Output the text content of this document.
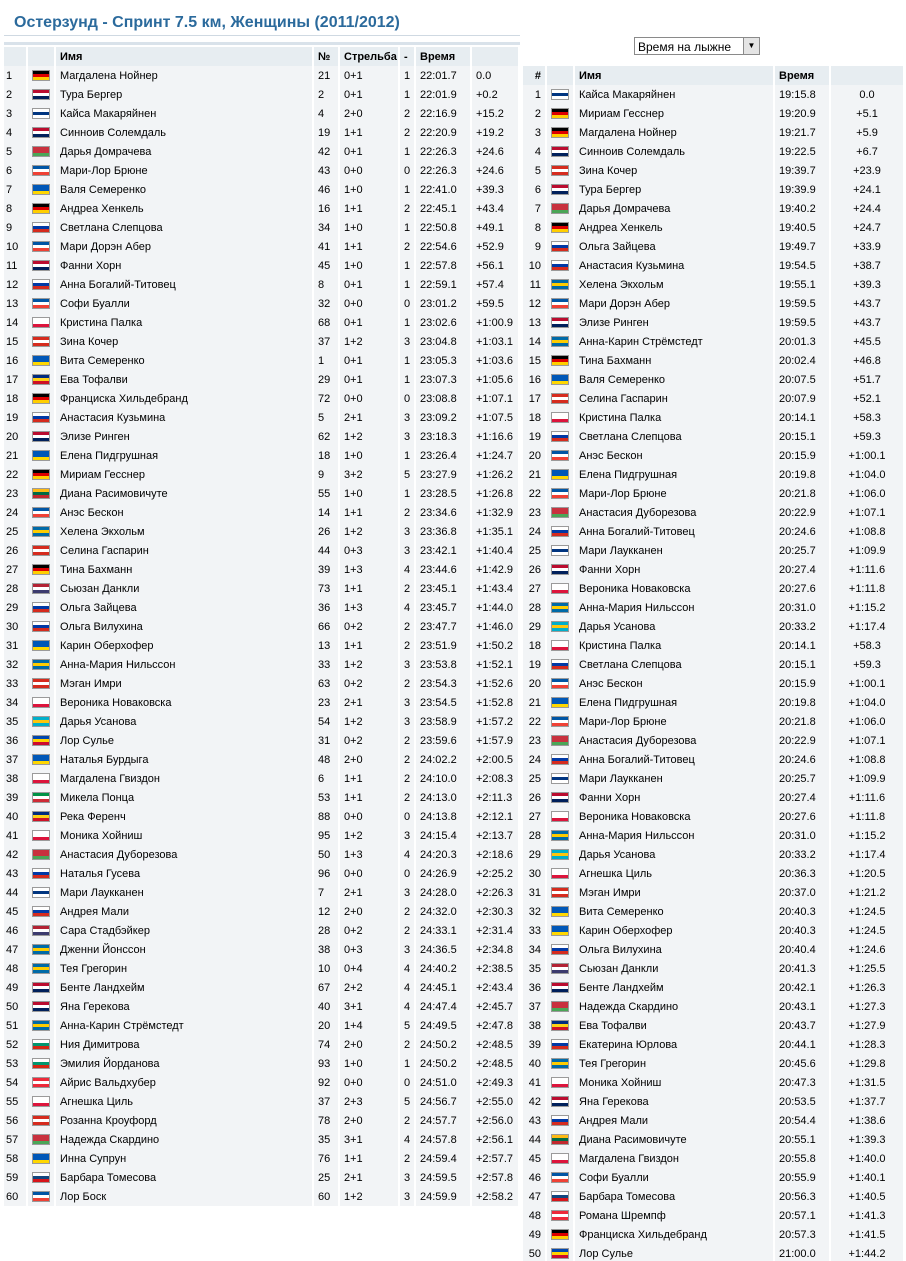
Остерзунд - Спринт 7.5 км, Женщины (2011/2012)
		Имя	№	Стрельба	-	Время	
1		Магдалена Нойнер	21	0+1	1	22:01.7	0.0
2		Тура Бергер	2	0+1	1	22:01.9	+0.2
3		Кайса Макаряйнен	4	2+0	2	22:16.9	+15.2
4		Синноив Солемдаль	19	1+1	2	22:20.9	+19.2
5		Дарья Домрачева	42	0+1	1	22:26.3	+24.6
6		Мари-Лор Брюне	43	0+0	0	22:26.3	+24.6
7		Валя Семеренко	46	1+0	1	22:41.0	+39.3
8		Андреа Хенкель	16	1+1	2	22:45.1	+43.4
9		Светлана Слепцова	34	1+0	1	22:50.8	+49.1
10		Мари Дорэн Абер	41	1+1	2	22:54.6	+52.9
11		Фанни Хорн	45	1+0	1	22:57.8	+56.1
12		Анна Богалий-Титовец	8	0+1	1	22:59.1	+57.4
13		Софи Буалли	32	0+0	0	23:01.2	+59.5
14		Кристина Палка	68	0+1	1	23:02.6	+1:00.9
15		Зина Кочер	37	1+2	3	23:04.8	+1:03.1
16		Вита Семеренко	1	0+1	1	23:05.3	+1:03.6
17		Ева Тофалви	29	0+1	1	23:07.3	+1:05.6
18		Франциска Хильдебранд	72	0+0	0	23:08.8	+1:07.1
19		Анастасия Кузьмина	5	2+1	3	23:09.2	+1:07.5
20		Элизе Ринген	62	1+2	3	23:18.3	+1:16.6
21		Елена Пидгрушная	18	1+0	1	23:26.4	+1:24.7
22		Мириам Гесснер	9	3+2	5	23:27.9	+1:26.2
23		Диана Расимовичуте	55	1+0	1	23:28.5	+1:26.8
24		Анэс Бескон	14	1+1	2	23:34.6	+1:32.9
25		Хелена Экхольм	26	1+2	3	23:36.8	+1:35.1
26		Селина Гаспарин	44	0+3	3	23:42.1	+1:40.4
27		Тина Бахманн	39	1+3	4	23:44.6	+1:42.9
28		Сьюзан Данкли	73	1+1	2	23:45.1	+1:43.4
29		Ольга Зайцева	36	1+3	4	23:45.7	+1:44.0
30		Ольга Вилухина	66	0+2	2	23:47.7	+1:46.0
31		Карин Оберхофер	13	1+1	2	23:51.9	+1:50.2
32		Анна-Мария Нильссон	33	1+2	3	23:53.8	+1:52.1
33		Мэган Имри	63	0+2	2	23:54.3	+1:52.6
34		Вероника Новаковска	23	2+1	3	23:54.5	+1:52.8
35		Дарья Усанова	54	1+2	3	23:58.9	+1:57.2
36		Лор Сулье	31	0+2	2	23:59.6	+1:57.9
37		Наталья Бурдыга	48	2+0	2	24:02.2	+2:00.5
38		Магдалена Гвиздон	6	1+1	2	24:10.0	+2:08.3
39		Микела Понца	53	1+1	2	24:13.0	+2:11.3
40		Река Ференч	88	0+0	0	24:13.8	+2:12.1
41		Моника Хойниш	95	1+2	3	24:15.4	+2:13.7
42		Анастасия Дуборезова	50	1+3	4	24:20.3	+2:18.6
43		Наталья Гусева	96	0+0	0	24:26.9	+2:25.2
44		Мари Лаукканен	7	2+1	3	24:28.0	+2:26.3
45		Андрея Мали	12	2+0	2	24:32.0	+2:30.3
46		Сара Стадбэйкер	28	0+2	2	24:33.1	+2:31.4
47		Дженни Йонссон	38	0+3	3	24:36.5	+2:34.8
48		Тея Грегорин	10	0+4	4	24:40.2	+2:38.5
49		Бенте Ландхейм	67	2+2	4	24:45.1	+2:43.4
50		Яна Герекова	40	3+1	4	24:47.4	+2:45.7
51		Анна-Карин Стрёмстедт	20	1+4	5	24:49.5	+2:47.8
52		Ния Димитрова	74	2+0	2	24:50.2	+2:48.5
53		Эмилия Йорданова	93	1+0	1	24:50.2	+2:48.5
54		Айрис Вальдхубер	92	0+0	0	24:51.0	+2:49.3
55		Агнешка Циль	37	2+3	5	24:56.7	+2:55.0
56		Розанна Кроуфорд	78	2+0	2	24:57.7	+2:56.0
57		Надежда Скардино	35	3+1	4	24:57.8	+2:56.1
58		Инна Супрун	76	1+1	2	24:59.4	+2:57.7
59		Барбара Томесова	25	2+1	3	24:59.5	+2:57.8
60		Лор Боск	60	1+2	3	24:59.9	+2:58.2
Время на лыжне	▼
#		Имя	Время	
1		Кайса Макаряйнен	19:15.8	0.0
2		Мириам Гесснер	19:20.9	+5.1
3		Магдалена Нойнер	19:21.7	+5.9
4		Синноив Солемдаль	19:22.5	+6.7
5		Зина Кочер	19:39.7	+23.9
6		Тура Бергер	19:39.9	+24.1
7		Дарья Домрачева	19:40.2	+24.4
8		Андреа Хенкель	19:40.5	+24.7
9		Ольга Зайцева	19:49.7	+33.9
10		Анастасия Кузьмина	19:54.5	+38.7
11		Хелена Экхольм	19:55.1	+39.3
12		Мари Дорэн Абер	19:59.5	+43.7
13		Элизе Ринген	19:59.5	+43.7
14		Анна-Карин Стрёмстедт	20:01.3	+45.5
15		Тина Бахманн	20:02.4	+46.8
16		Валя Семеренко	20:07.5	+51.7
17		Селина Гаспарин	20:07.9	+52.1
18		Кристина Палка	20:14.1	+58.3
19		Светлана Слепцова	20:15.1	+59.3
20		Анэс Бескон	20:15.9	+1:00.1
21		Елена Пидгрушная	20:19.8	+1:04.0
22		Мари-Лор Брюне	20:21.8	+1:06.0
23		Анастасия Дуборезова	20:22.9	+1:07.1
24		Анна Богалий-Титовец	20:24.6	+1:08.8
25		Мари Лаукканен	20:25.7	+1:09.9
26		Фанни Хорн	20:27.4	+1:11.6
27		Вероника Новаковска	20:27.6	+1:11.8
28		Анна-Мария Нильссон	20:31.0	+1:15.2
29		Дарья Усанова	20:33.2	+1:17.4
18		Кристина Палка	20:14.1	+58.3
19		Светлана Слепцова	20:15.1	+59.3
20		Анэс Бескон	20:15.9	+1:00.1
21		Елена Пидгрушная	20:19.8	+1:04.0
22		Мари-Лор Брюне	20:21.8	+1:06.0
23		Анастасия Дуборезова	20:22.9	+1:07.1
24		Анна Богалий-Титовец	20:24.6	+1:08.8
25		Мари Лаукканен	20:25.7	+1:09.9
26		Фанни Хорн	20:27.4	+1:11.6
27		Вероника Новаковска	20:27.6	+1:11.8
28		Анна-Мария Нильссон	20:31.0	+1:15.2
29		Дарья Усанова	20:33.2	+1:17.4
30		Агнешка Циль	20:36.3	+1:20.5
31		Мэган Имри	20:37.0	+1:21.2
32		Вита Семеренко	20:40.3	+1:24.5
33		Карин Оберхофер	20:40.3	+1:24.5
34		Ольга Вилухина	20:40.4	+1:24.6
35		Сьюзан Данкли	20:41.3	+1:25.5
36		Бенте Ландхейм	20:42.1	+1:26.3
37		Надежда Скардино	20:43.1	+1:27.3
38		Ева Тофалви	20:43.7	+1:27.9
39		Екатерина Юрлова	20:44.1	+1:28.3
40		Тея Грегорин	20:45.6	+1:29.8
41		Моника Хойниш	20:47.3	+1:31.5
42		Яна Герекова	20:53.5	+1:37.7
43		Андрея Мали	20:54.4	+1:38.6
44		Диана Расимовичуте	20:55.1	+1:39.3
45		Магдалена Гвиздон	20:55.8	+1:40.0
46		Софи Буалли	20:55.9	+1:40.1
47		Барбара Томесова	20:56.3	+1:40.5
48		Романа Шремпф	20:57.1	+1:41.3
49		Франциска Хильдебранд	20:57.3	+1:41.5
50		Лор Сулье	21:00.0	+1:44.2
